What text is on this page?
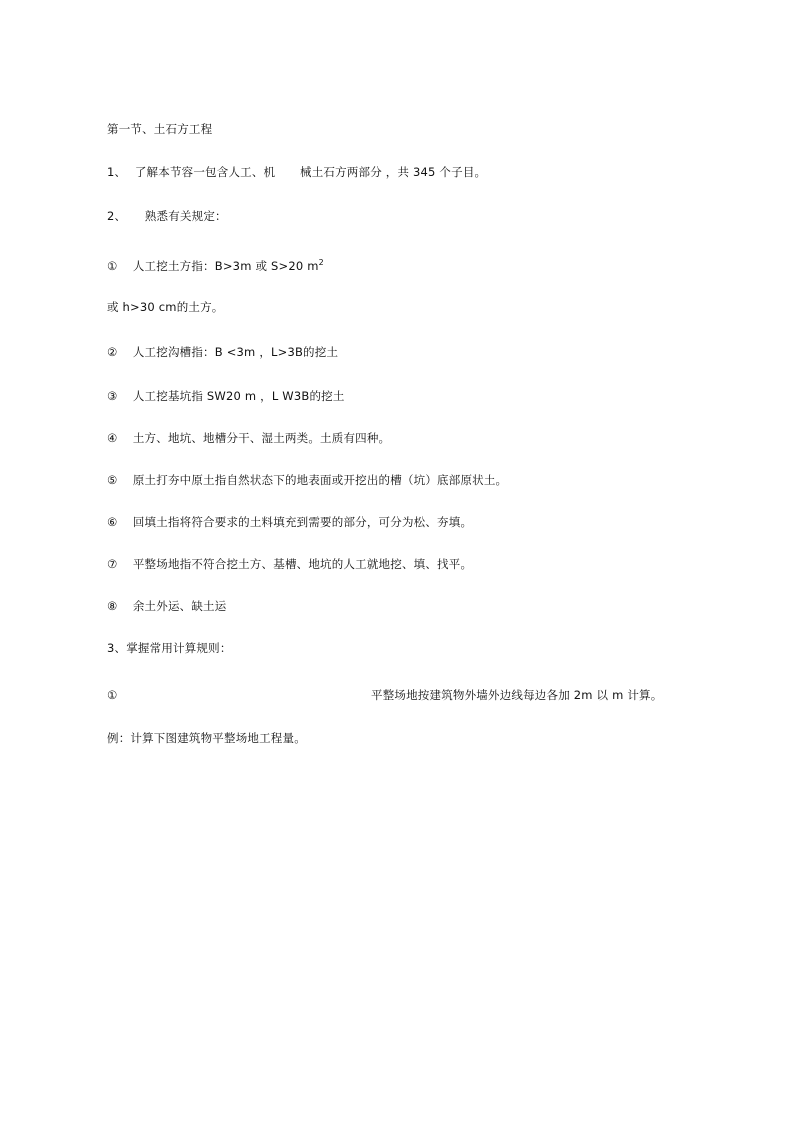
第一节、土石方工程
1、 了解本节容一包含人工、机 械土石方两部分 ，共 345 个子目。
2、 熟悉有关规定：
① 人工挖土方指：B>3m 或 S>20 $m^2$
或 h>30 cm的土方。
② 人工挖沟槽指：B <3m ，L>3B的挖土
③ 人工挖基坑指 SW20 m ，L W3B的挖土
④ 土方、地坑、地槽分干、湿土两类。土质有四种。
⑤ 原土打夯中原土指自然状态下的地表面或开挖出的槽（坑）底部原状土。
⑥ 回填土指将符合要求的土料填充到需要的部分，可分为松、夯填。
⑦ 平整场地指不符合挖土方、基槽、地坑的人工就地挖、填、找平。
⑧ 余土外运、缺土运
3、掌握常用计算规则：
①	平整场地按建筑物外墙外边线每边各加 2m 以 m 计算。
例：计算下图建筑物平整场地工程量。
